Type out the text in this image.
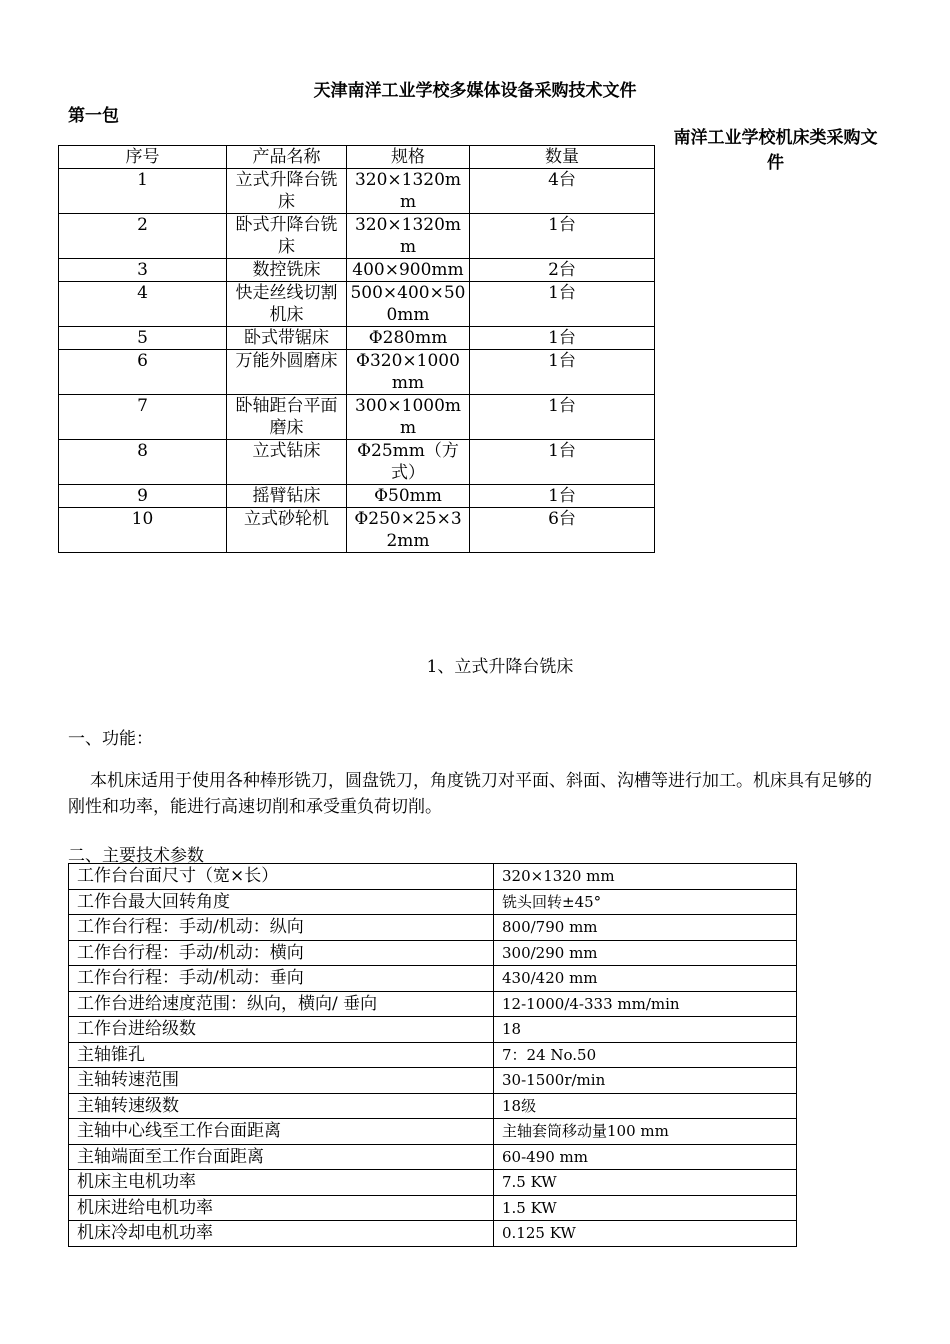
天津南洋工业学校多媒体设备采购技术文件
第一包
南洋工业学校机床类采购文件
序号	产品名称	规格	数量
1	立式升降台铣床	320×1320mm	4台
2	卧式升降台铣床	320×1320mm	1台
3	数控铣床	400×900mm	2台
4	快走丝线切割机床	500×400×500mm	1台
5	卧式带锯床	Φ280mm	1台
6	万能外圆磨床	Φ320×1000mm	1台
7	卧轴距台平面磨床	300×1000mm	1台
8	立式钻床	Φ25mm（方式）	1台
9	摇臂钻床	Φ50mm	1台
10	立式砂轮机	Φ250×25×32mm	6台
1、立式升降台铣床
一、功能：
本机床适用于使用各种棒形铣刀，圆盘铣刀，角度铣刀对平面、斜面、沟槽等进行加工。机床具有足够的刚性和功率，能进行高速切削和承受重负荷切削。
二、主要技术参数
工作台台面尺寸（宽×长）	320×1320 mm
工作台最大回转角度	铣头回转±45°
工作台行程：手动/机动：纵向	800/790 mm
工作台行程：手动/机动：横向	300/290 mm
工作台行程：手动/机动：垂向	430/420 mm
工作台进给速度范围：纵向，横向/ 垂向	12-1000/4-333 mm/min
工作台进给级数	18
主轴锥孔	7：24 No.50
主轴转速范围	30-1500r/min
主轴转速级数	18级
主轴中心线至工作台面距离	主轴套筒移动量100 mm
主轴端面至工作台面距离	60-490 mm
机床主电机功率	7.5 KW
机床进给电机功率	1.5 KW
机床冷却电机功率	0.125 KW
